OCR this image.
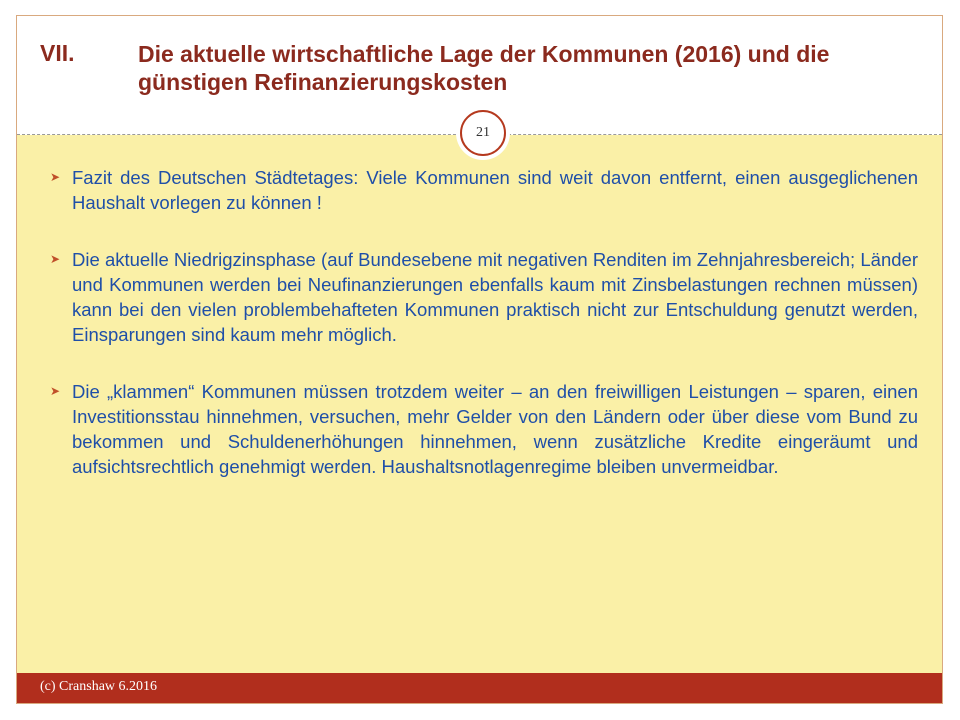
VII.	Die aktuelle wirtschaftliche Lage der Kommunen (2016) und die günstigen Refinanzierungskosten
21
➤ Fazit des Deutschen Städtetages: Viele Kommunen sind weit davon entfernt, einen ausgeglichenen Haushalt vorlegen zu können !
➤ Die aktuelle Niedrigzinsphase (auf Bundesebene mit negativen Renditen im Zehnjahresbereich; Länder und Kommunen werden bei Neufinanzierungen ebenfalls kaum mit Zinsbelastungen rechnen müssen) kann bei den vielen problembehafteten Kommunen praktisch nicht zur Entschuldung genutzt werden, Einsparungen sind kaum mehr möglich.
➤ Die „klammen“ Kommunen müssen trotzdem weiter – an den freiwilligen Leistungen – sparen, einen Investitionsstau hinnehmen, versuchen, mehr Gelder von den Ländern oder über diese vom Bund zu bekommen und Schuldenerhöhungen hinnehmen, wenn zusätzliche Kredite eingeräumt und aufsichtsrechtlich genehmigt werden. Haushaltsnotlagenregime bleiben unvermeidbar.
(c) Cranshaw 6.2016
